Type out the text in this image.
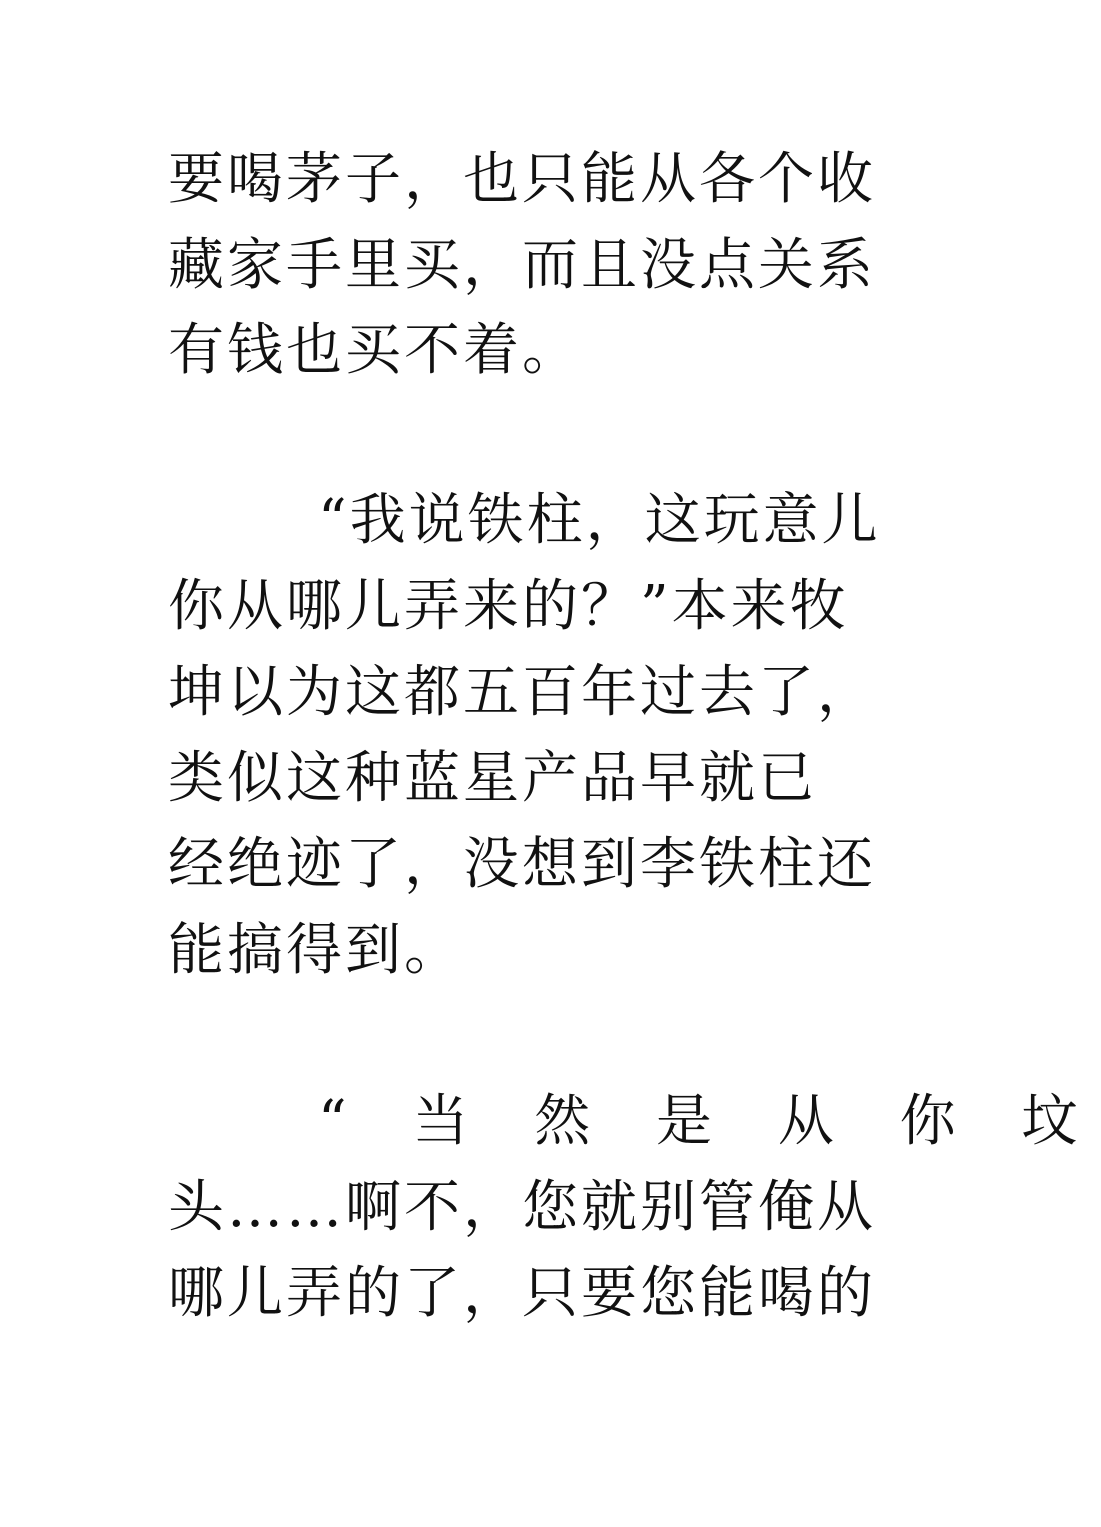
要喝茅子，也只能从各个收
藏家手里买，而且没点关系
有钱也买不着。
“我说铁柱，这玩意儿
你从哪儿弄来的？”本来牧
坤以为这都五百年过去了，
类似这种蓝星产品早就已
经绝迹了，没想到李铁柱还
能搞得到。
“ 当 然 是 从 你 坟
头……啊不，您就别管俺从
哪儿弄的了，只要您能喝的
